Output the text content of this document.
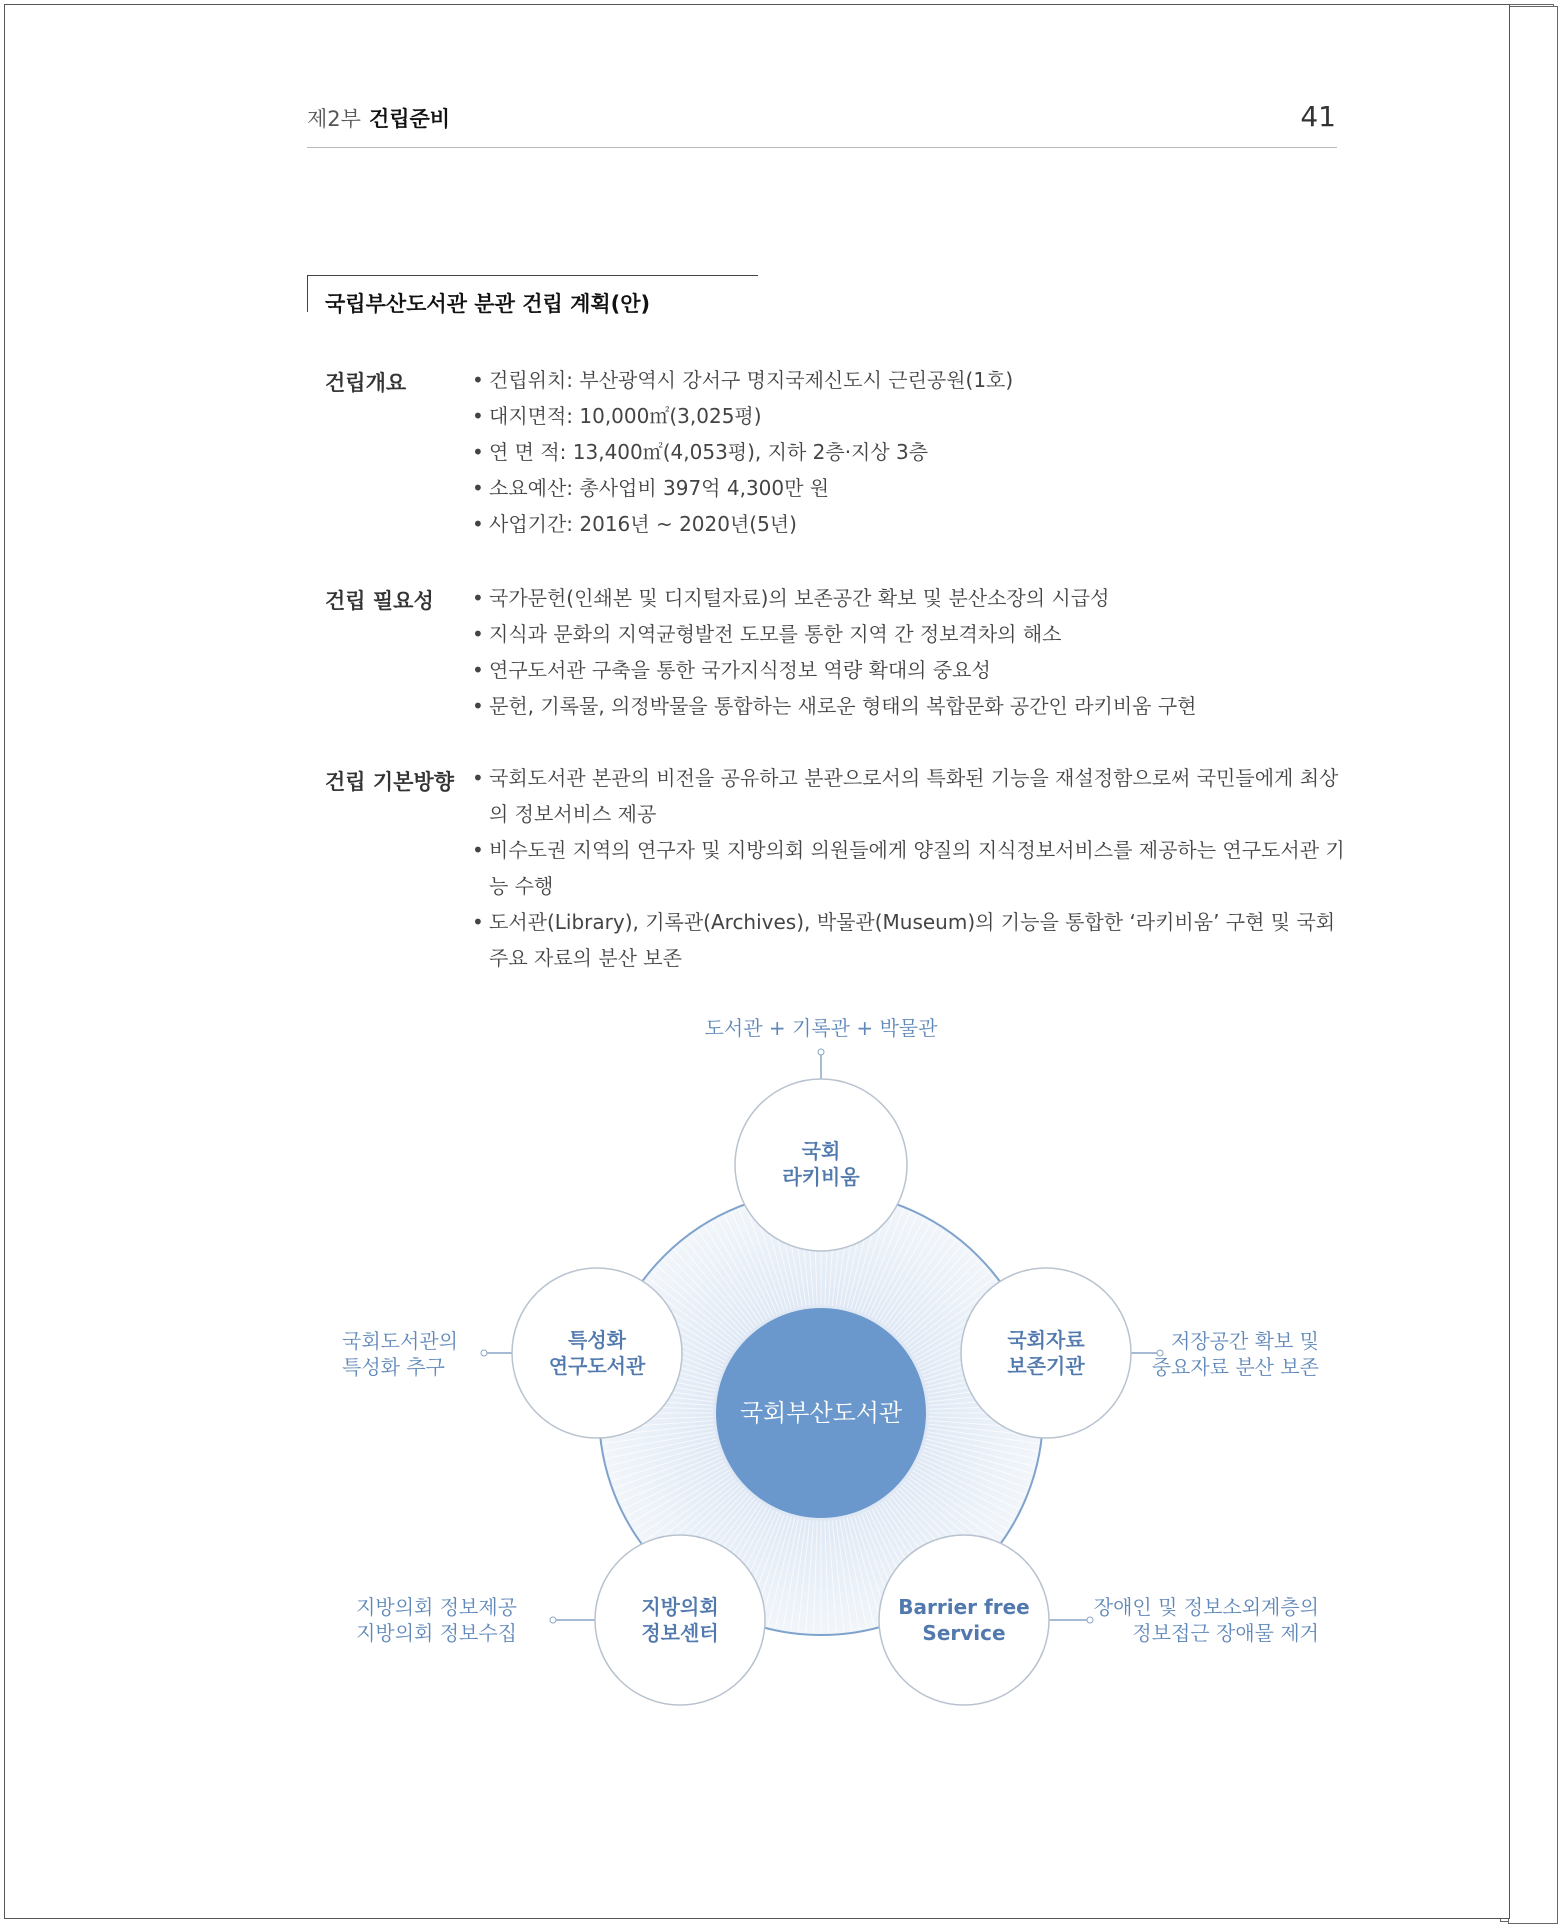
제2부 건립준비	41
국립부산도서관 분관 건립 계획(안)
건립개요	• 건립위치: 부산광역시 강서구 명지국제신도시 근린공원(1호)
• 대지면적: 10,000㎡(3,025평)
• 연 면 적: 13,400㎡(4,053평), 지하 2층·지상 3층
• 소요예산: 총사업비 397억 4,300만 원
• 사업기간: 2016년 ~ 2020년(5년)
건립 필요성	• 국가문헌(인쇄본 및 디지털자료)의 보존공간 확보 및 분산소장의 시급성
• 지식과 문화의 지역균형발전 도모를 통한 지역 간 정보격차의 해소
• 연구도서관 구축을 통한 국가지식정보 역량 확대의 중요성
• 문헌, 기록물, 의정박물을 통합하는 새로운 형태의 복합문화 공간인 라키비움 구현
건립 기본방향	• 국회도서관 본관의 비전을 공유하고 분관으로서의 특화된 기능을 재설정함으로써 국민들에게 최상의 정보서비스 제공
• 비수도권 지역의 연구자 및 지방의회 의원들에게 양질의 지식정보서비스를 제공하는 연구도서관 기능 수행
• 도서관(Library), 기록관(Archives), 박물관(Museum)의 기능을 통합한 ‘라키비움’ 구현 및 국회 주요 자료의 분산 보존
국회부산도서관
도서관 + 기록관 + 박물관
국회
라키비움
국회자료
보존기관
저장공간 확보 및
중요자료 분산 보존
Barrier free
Service
장애인 및 정보소외계층의
정보접근 장애물 제거
지방의회
정보센터
지방의회 정보제공
지방의회 정보수집
특성화
연구도서관
국회도서관의
특성화 추구
